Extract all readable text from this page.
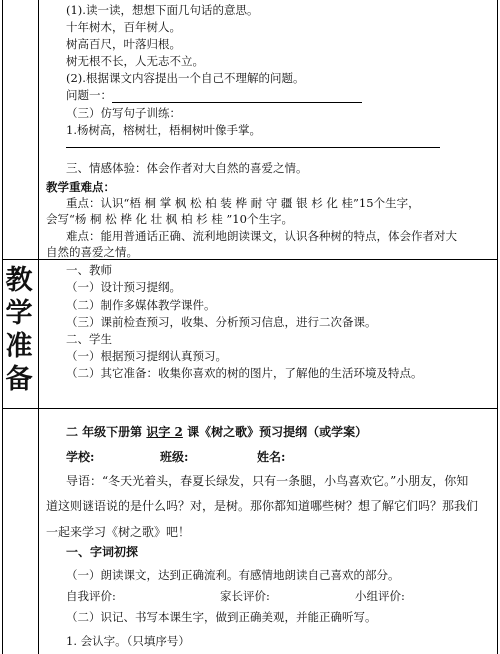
(1).读一读，想想下面几句话的意思。
十年树木，百年树人。
树高百尺，叶落归根。
树无根不长，人无志不立。
(2).根据课文内容提出一个自己不理解的问题。
问题一：
（三）仿写句子训练：
1.杨树高，榕树壮，梧桐树叶像手掌。
三、情感体验：体会作者对大自然的喜爱之情。
教学重难点：
重点：认识“梧 桐 掌 枫 松 柏 装 桦 耐 守 疆 银 杉 化 桂”15个生字，
会写“杨 桐 松 桦 化 壮 枫 柏 杉 桂 ”10个生字。
难点：能用普通话正确、流利地朗读课文，认识各种树的特点，体会作者对大
自然的喜爱之情。
教
学
准
备
一、教师
（一）设计预习提纲。
（二）制作多媒体教学课件。
（三）课前检查预习，收集、分析预习信息，进行二次备课。
二、学生
（一）根据预习提纲认真预习。
（二）其它准备：收集你喜欢的树的图片，了解他的生活环境及特点。
二 年级下册第 识字 2 课《树之歌》预习提纲（或学案）
学校:	班级:	姓名:
导语：“冬天光着头，春夏长绿发，只有一条腿，小鸟喜欢它。”小朋友，你知
道这则谜语说的是什么吗？对，是树。那你都知道哪些树？想了解它们吗？那我们
一起来学习《树之歌》吧！
一、字词初探
（一）朗读课文，达到正确流利。有感情地朗读自己喜欢的部分。
自我评价:	家长评价:	小组评价:
（二）识记、书写本课生字，做到正确美观，并能正确听写。
1. 会认字。（只填序号）
